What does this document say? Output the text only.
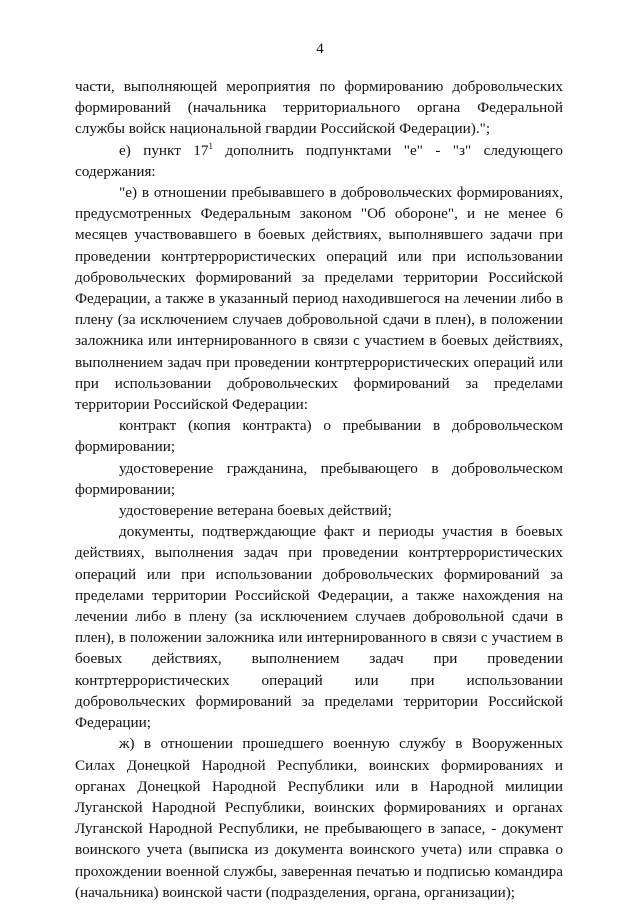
4

части, выполняющей мероприятия по формированию добровольческих формирований (начальника территориального органа Федеральной службы войск национальной гвардии Российской Федерации).";

е) пункт $17^1$ дополнить подпунктами "е" - "з" следующего содержания:

"е) в отношении пребывавшего в добровольческих формированиях, предусмотренных Федеральным законом "Об обороне", и не менее 6 месяцев участвовавшего в боевых действиях, выполнявшего задачи при проведении контртеррористических операций или при использовании добровольческих формирований за пределами территории Российской Федерации, а также в указанный период находившегося на лечении либо в плену (за исключением случаев добровольной сдачи в плен), в положении заложника или интернированного в связи с участием в боевых действиях, выполнением задач при проведении контртеррористических операций или при использовании добровольческих формирований за пределами территории Российской Федерации:

контракт (копия контракта) о пребывании в добровольческом формировании;

удостоверение гражданина, пребывающего в добровольческом формировании;

удостоверение ветерана боевых действий;

документы, подтверждающие факт и периоды участия в боевых действиях, выполнения задач при проведении контртеррористических операций или при использовании добровольческих формирований за пределами территории Российской Федерации, а также нахождения на лечении либо в плену (за исключением случаев добровольной сдачи в плен), в положении заложника или интернированного в связи с участием в боевых действиях, выполнением задач при проведении контртеррористических операций или при использовании добровольческих формирований за пределами территории Российской Федерации;

ж) в отношении прошедшего военную службу в Вооруженных Силах Донецкой Народной Республики, воинских формированиях и органах Донецкой Народной Республики или в Народной милиции Луганской Народной Республики, воинских формированиях и органах Луганской Народной Республики, не пребывающего в запасе, - документ воинского учета (выписка из документа воинского учета) или справка о прохождении военной службы, заверенная печатью и подписью командира (начальника) воинской части (подразделения, органа, организации);
